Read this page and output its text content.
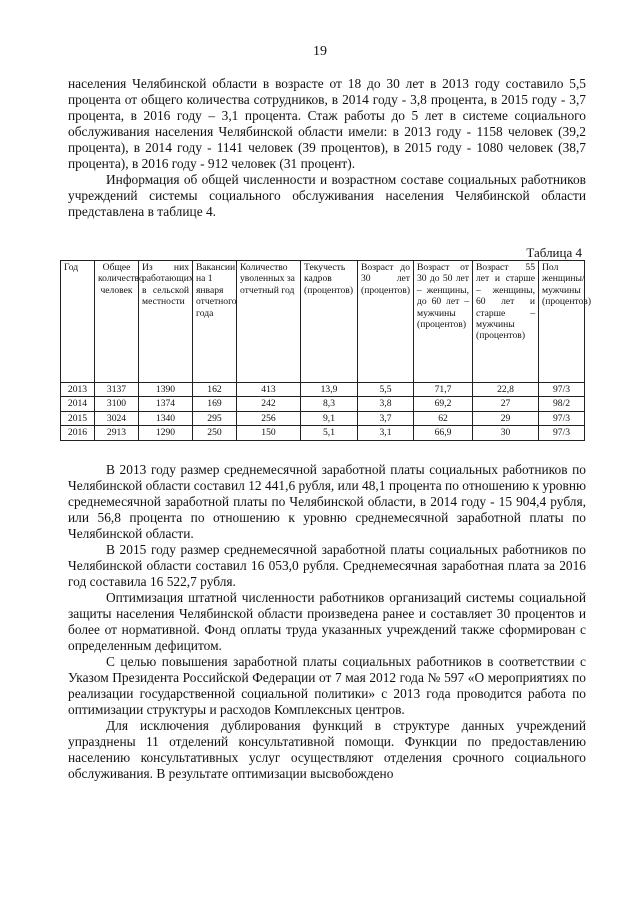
19

населения Челябинской области в возрасте от 18 до 30 лет в 2013 году составило 5,5 процента от общего количества сотрудников, в 2014 году - 3,8 процента, в 2015 году - 3,7 процента, в 2016 году – 3,1 процента. Стаж работы до 5 лет в системе социального обслуживания населения Челябинской области имели: в 2013 году - 1158 человек (39,2 процента), в 2014 году - 1141 человек (39 процентов), в 2015 году - 1080 человек (38,7 процента), в 2016 году - 912 человек (31 процент).

Информация об общей численности и возрастном составе социальных работников учреждений системы социального обслуживания населения Челябинской области представлена в таблице 4.

Таблица 4
Год	Общее количество человек	Из них работающих в сельской местности	Вакансии на 1 января отчетного года	Количество уволенных за отчетный год	Текучесть кадров (процентов)	Возраст до 30 лет (процентов)	Возраст от 30 до 50 лет – женщины, до 60 лет – мужчины (процентов)	Возраст 55 лет и старше – женщины, 60 лет и старше – мужчины (процентов)	Пол женщины/мужчины (процентов)
2013	3137	1390	162	413	13,9	5,5	71,7	22,8	97/3
2014	3100	1374	169	242	8,3	3,8	69,2	27	98/2
2015	3024	1340	295	256	9,1	3,7	62	29	97/3
2016	2913	1290	250	150	5,1	3,1	66,9	30	97/3

В 2013 году размер среднемесячной заработной платы социальных работников по Челябинской области составил 12 441,6 рубля, или 48,1 процента по отношению к уровню среднемесячной заработной платы по Челябинской области, в 2014 году - 15 904,4 рубля, или 56,8 процента по отношению к уровню среднемесячной заработной платы по Челябинской области.

В 2015 году размер среднемесячной заработной платы социальных работников по Челябинской области составил 16 053,0 рубля. Среднемесячная заработная плата за 2016 год составила 16 522,7 рубля.

Оптимизация штатной численности работников организаций системы социальной защиты населения Челябинской области произведена ранее и составляет 30 процентов и более от нормативной. Фонд оплаты труда указанных учреждений также сформирован с определенным дефицитом.

С целью повышения заработной платы социальных работников в соответствии с Указом Президента Российской Федерации от 7 мая 2012 года № 597 «О мероприятиях по реализации государственной социальной политики» с 2013 года проводится работа по оптимизации структуры и расходов Комплексных центров.

Для исключения дублирования функций в структуре данных учреждений упразднены 11 отделений консультативной помощи. Функции по предоставлению населению консультативных услуг осуществляют отделения срочного социального обслуживания. В результате оптимизации высвобождено
